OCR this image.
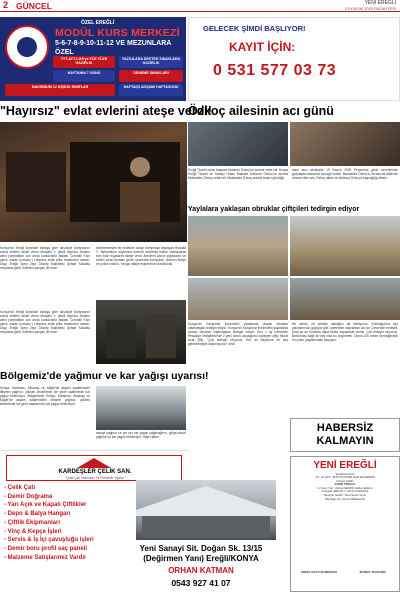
2 GÜNCEL	YENİ EREĞLİ
23 KASIM 2020 PAZARTESİ
ÖZEL EREĞLİ
MODÜL KURS MERKEZİ
5-6-7-8-9-10-11-12 VE MEZUNLARA ÖZEL
TYT-AYT-LGS'ye YÜZ YÜZE HAZIRLIK
YAZILILARA DESTEK SINAVLARA HAZIRLIK
HAFTANIN 7 GÜNÜ	DENEME SINAVLARI
MAKSİMUM 12 KİŞİLİK SINIFLAR	HAFTAİÇİ AKŞAM/ HAFTASONU
GELECEK ŞİMDİ BAŞLIYOR!
KAYIT İÇİN:
0 531 577 03 73
"Hayırsız" evlat evlerini ateşe verdi!
Konya'nın Ereğli ilçesinde iddiaya göre alkolüyle tartışmanın sonra evlerini ateşe veren Mustafa Y. (kimli hayırsız evladın alevi yanmaktan son anda kurtulurken babası Cumhali Y.ise yanık olarak kurtuldu.) Hayırsız evlat polis tarafından arandı. Olay, Ereğli İlçesi Ziya Gökalp Mahallesi Şefkat Sokakta meydana geldi. Edinilen yangını ile evde
bedirlenmeyen bir nededen dolayı tartışmaya başlayan Mustafa Y, Tartışmanın büyümesi üzerine sinirlenip hakim olamayarak evin bazı eşyalarını ateşe verdi. Alevlerin yanlın çığlıklarını ve evden çıkan dumanı gören çevredeki komşuları, durumu itfaiye ve polise bildirdi. Yangın itfaiye ekiplerince söndürüldü.
Konya'nın Ereğli ilçesinde iddiaya göre alkolüyle tartışmanın sonra evlerini ateşe veren Mustafa Y. (kimli hayırsız evladın alevi yanmaktan son anda kurtulurken babası Cumhali Y.ise yanık olarak kurtuldu.) Hayırsız evlat polis tarafından arandı. Olay, Ereğli İlçesi Ziya Gökalp Mahallesi Şefkat Sokakta meydana geldi. Edinilen yangını ile evde
Özkoç ailesinin acı günü
Ereğli Ticaret odası başkanı Mahmut Özkoç'un annesi vefat etti. Konya Ereğli Ticaret ve Sanayi Odası Başkanı Mahmut Özkoç'un annesi Mukaddes Özkoç vefat etti. Mukaddes Özkoç annesi tedavi gördüğü
mazı ancı akrabalar 19 Kasım 2020 Perşembe günü sevenlerinin gözyaşları arasında toprağa verildi. Mukaddes Özkoç'a, tevazu'da Allah'tan rahmet diler sırrı Özkoç ailesi ve Mahmut Özkoç'a başsağlığı dileriz.
Yaylalara yaklaşan obruklar çiftçileri tedirgin ediyor
Konya'nın Karapınar ilçesindeki yaylalarda oluşan obruklar vatandaşları tedirgin ediyor. Konya'nın Karapınar ilçesindeki yaylalarda oluşan obruklar vatandaşları tedirgin ediyor. Son 1 ay içerisinde Reşadiye Mahallesi'nde 2 yeni obruk oluştuğunu söyleyen çiftçi Murat Acar (58), "Çok tedirgin oluyoruz. Her an başımıza bir şey gelebileceğini düşünüyoruz" dedi.
Ne olmalı, ne şekilde olacağını da bilmiyoruz. Korktuğumuz için yakınlarımızı göçüyor gibi. İşletmede hayvanları da var. Çevreden endişeli. Ama şu an bunlarla daha tedbir kapsamda olmalı. Çok tedirgin oluyoruz. Buna başı bağlı bir şey olsa bu öngörmek. Obruk 200 metre derinliğindeki bu çukur yaylamızdan oluşuyor.
Bölgemiz'de yağmur ve kar yağışı uyarısı!
Konya, Karaman, Aksaray ve Niğde'de akşam saatlerinden itibaren yağmur, yüksek kesimlerde ise gece saatlerinde kar yağışı bekleniyor. Bölgemizde Konya, Karaman, Aksaray ve Niğde'de akşam saatlerinden itibaren yağmur, yüksek kesimlerde ise gece saatlerinde kar yağışı bekleniyor.
sanayi yağmur ve yer yer kar yağışı yağacağının, gökyüzünün yağmur ve kar yağışı bekleniyor. Hata Haber
KARDEŞLER ÇELİK SAN.
Çelik Çatı Sistemleri Ve Prefabrik Yapılar
- Çelik Çatı
- Demir Doğrama
- Yarı Açık ve Kapalı Çiftlikler
- Depo & Balya Hangarı
- Çiftlik Ekipmanları
- Vinç & Kepçe İşleri
- Servis & İş İçi çavuşluğu işleri
- Demir boru profil saç paneli
- Malzeme Satışlarımız Vardır
Yeni Sanayi Sit. Doğan Sk. 13/15
(Değirmen Yanı) Ereğli/KONYA
ORHAN KATMAN
0543 927 41 07
HABERSİZ
KALMAYIN
YENİ EREĞLİ
"Ereğli'nin Sesi"
YIL: 12 SAYI: 3679 23 KASIM 2020 PAZARTESİ
İmtiyaz Sahibi
AYDIN ATMACA
G.Yayın Yön.: Ahmet KESKİN Haber Editörü
Fotoğraf: ERKAN Y. Cihan KARAKAŞ
Neşriyat Sahibi: Yerel Süreli Yayın
Basıldığı Yer: Demir Matbaacılık
EREĞLİ KÜLTÜR MERKEZİ	İRTİBAT TELEFONU
